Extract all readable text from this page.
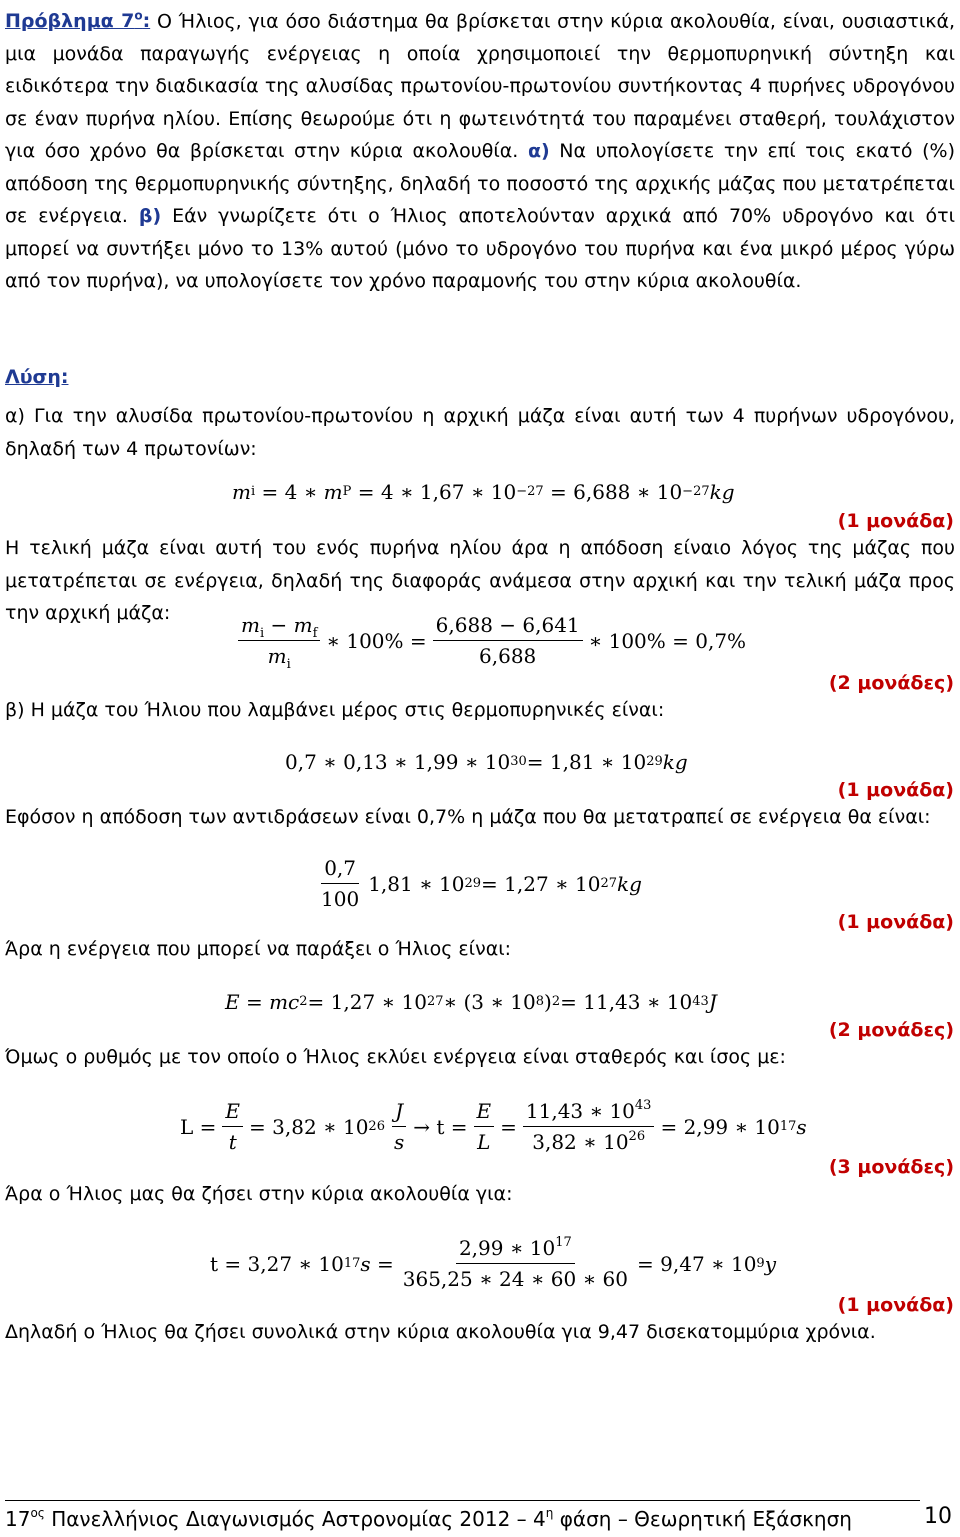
Πρόβλημα $7^o$: Ο Ήλιος, για όσο διάστημα θα βρίσκεται στην κύρια ακολουθία, είναι, ουσιαστικά, μια μονάδα παραγωγής ενέργειας η οποία χρησιμοποιεί την θερμοπυρηνική σύντηξη και ειδικότερα την διαδικασία της αλυσίδας πρωτονίου-πρωτονίου συντήκοντας 4 πυρήνες υδρογόνου σε έναν πυρήνα ηλίου. Επίσης θεωρούμε ότι η φωτεινότητά του παραμένει σταθερή, τουλάχιστον για όσο χρόνο θα βρίσκεται στην κύρια ακολουθία. α) Να υπολογίσετε την επί τοις εκατό (%) απόδοση της θερμοπυρηνικής σύντηξης, δηλαδή το ποσοστό της αρχικής μάζας που μετατρέπεται σε ενέργεια. β) Εάν γνωρίζετε ότι ο Ήλιος αποτελούνταν αρχικά από 70% υδρογόνο και ότι μπορεί να συντήξει μόνο το 13% αυτού (μόνο το υδρογόνο του πυρήνα και ένα μικρό μέρος γύρω από τον πυρήνα), να υπολογίσετε τον χρόνο παραμονής του στην κύρια ακολουθία.
Λύση:
α) Για την αλυσίδα πρωτονίου-πρωτονίου η αρχική μάζα είναι αυτή των 4 πυρήνων υδρογόνου, δηλαδή των 4 πρωτονίων:
m i
=
4
∗
m P
=
4
∗
1,67
∗
10 −27
=
6,688
∗
10 −27 kg
(1 μονάδα)
Η τελική μάζα είναι αυτή του ενός πυρήνα ηλίου άρα η απόδοση είναιο λόγος της μάζας που μετατρέπεται σε ενέργεια, δηλαδή της διαφοράς ανάμεσα στην αρχική και την τελική μάζα προς την αρχική μάζα:	$\frac{m_i - m_f}{m_i}$ ∗ $100\% = \frac{6,688 - 6,641}{6,688}$ ∗ 100% = 0,7%
(2 μονάδες)
β) Η μάζα του Ήλιου που λαμβάνει μέρος στις θερμοπυρηνικές είναι:
0,7 ∗ 0,13 ∗ 1,99 ∗ 10 30 = 1,81 ∗ 10 29 kg
(1 μονάδα)
Εφόσον η απόδοση των αντιδράσεων είναι 0,7% η μάζα που θα μετατραπεί σε ενέργεια θα είναι:
$\frac{0,7}{100} 1,81$ ∗ 10 29 = 1,27 ∗ 10 27 kg
(1 μονάδα)
Άρα η ενέργεια που μπορεί να παράξει ο Ήλιος είναι:
E = mc 2 = 1,27 ∗ 10 27 ∗ (3 ∗ 10 8 ) 2 = 11,43 ∗ 10 43 J
(2 μονάδες)
Όμως ο ρυθμός με τον οποίο ο Ήλιος εκλύει ενέργεια είναι σταθερός και ίσος με:
$L = \frac{E}{t} = 3,82$ ∗ 10 $26 \frac{J}{s}$ →
$t = \frac{E}{L} = \frac{11,43 ∗ 10^{43}}{3,82 ∗ 10^{26}} = 2,99$ ∗ 10 17 s
(3 μονάδες)
Άρα ο Ήλιος μας θα ζήσει στην κύρια ακολουθία για:
t = 3,27 ∗ 10 17 $s = \frac{2,99 ∗ 10^{17}}{365,25 ∗ 24 ∗ 60 ∗ 60} = 9,47$ ∗ 10 9 y
(1 μονάδα)
Δηλαδή ο Ήλιος θα ζήσει συνολικά στην κύρια ακολουθία για 9,47 δισεκατομμύρια χρόνια.
$17^{o\varsigma}$ Πανελλήνιος Διαγωνισμός Αστρονομίας $2012 - 4^\eta$ φάση – Θεωρητική Εξάσκηση	10
